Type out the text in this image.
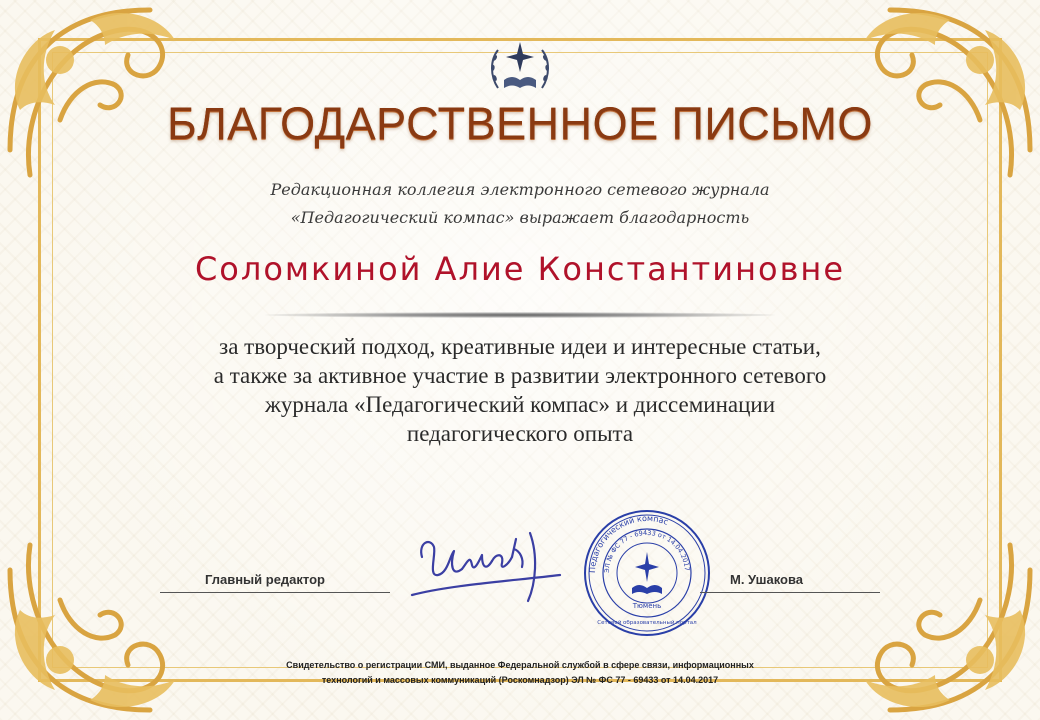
БЛАГОДАРСТВЕННОЕ ПИСЬМО
Редакционная коллегия электронного сетевого журнала
«Педагогический компас» выражает благодарность
Соломкиной Алие Константиновне
за творческий подход, креативные идеи и интересные статьи,
а также за активное участие в развитии электронного сетевого
журнала «Педагогический компас» и диссеминации
педагогического опыта
Главный редактор
Педагогический компас
ЭЛ № ФС 77 - 69433 от 14.04.2017
Тюмень
Сетевой образовательный портал
М. Ушакова
Свидетельство о регистрации СМИ, выданное Федеральной службой в сфере связи, информационных
технологий и массовых коммуникаций (Роскомнадзор) ЭЛ № ФС 77 - 69433 от 14.04.2017
